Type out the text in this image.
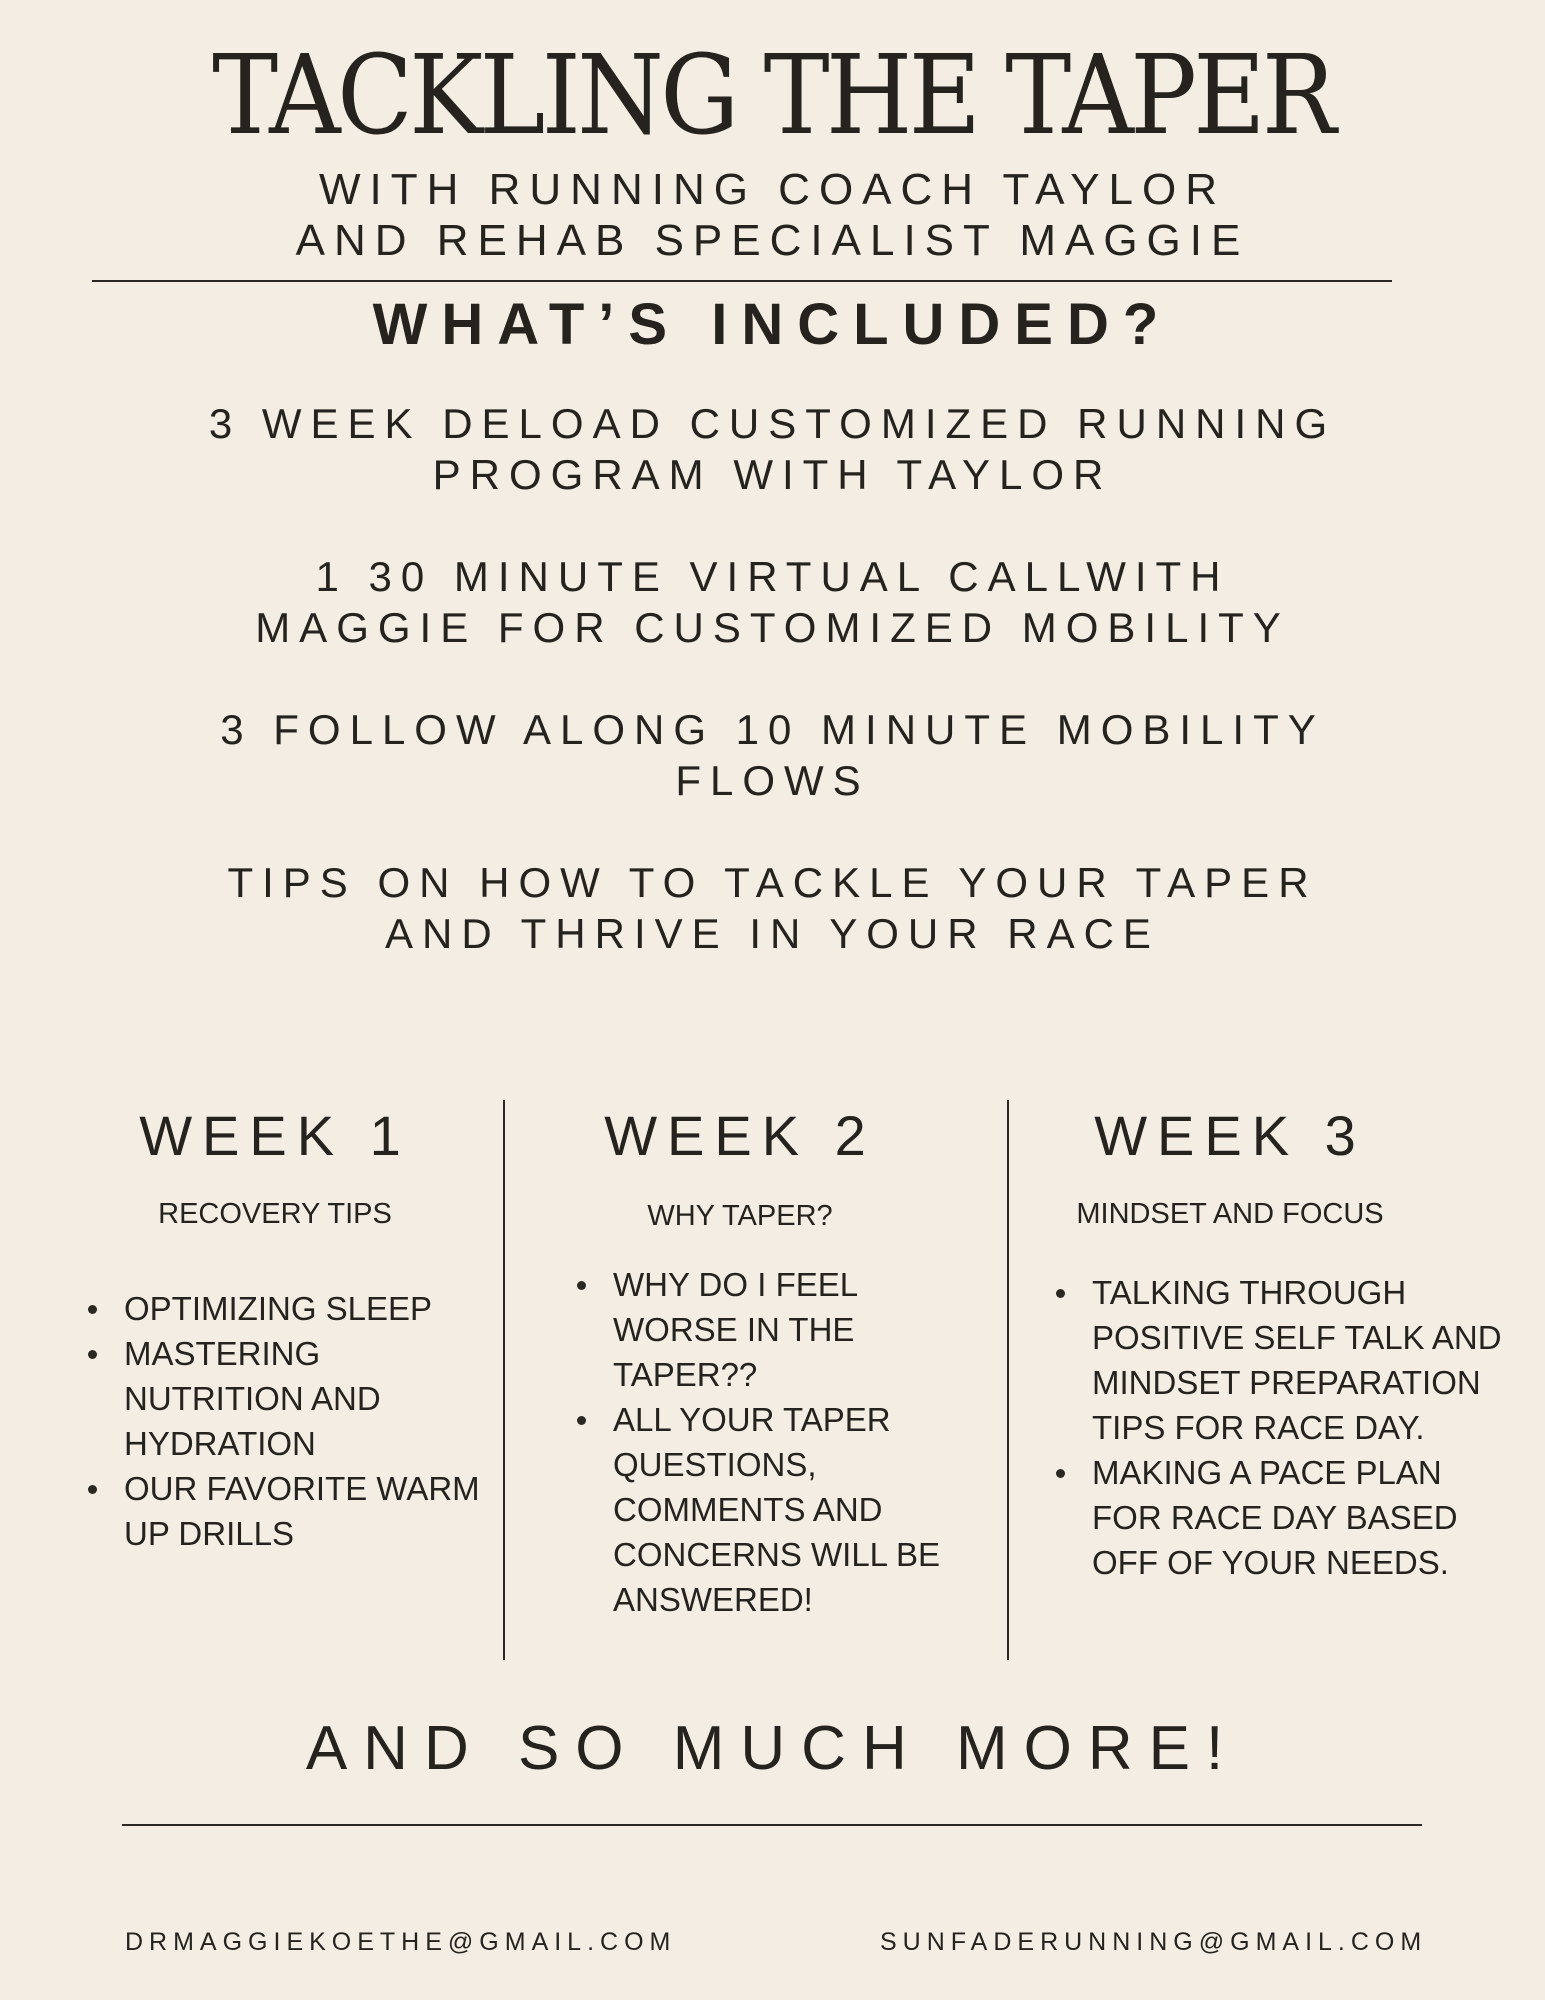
TACKLING THE TAPER
WITH RUNNING COACH TAYLOR
AND REHAB SPECIALIST MAGGIE
WHAT’S INCLUDED?
3 WEEK DELOAD CUSTOMIZED RUNNING
PROGRAM WITH TAYLOR
1 30 MINUTE VIRTUAL CALLWITH
MAGGIE FOR CUSTOMIZED MOBILITY
3 FOLLOW ALONG 10 MINUTE MOBILITY
FLOWS
TIPS ON HOW TO TACKLE YOUR TAPER
AND THRIVE IN YOUR RACE
WEEK 1
RECOVERY TIPS
OPTIMIZING SLEEP
MASTERING NUTRITION AND HYDRATION
OUR FAVORITE WARM UP DRILLS
WEEK 2
WHY TAPER?
WHY DO I FEEL WORSE IN THE TAPER??
ALL YOUR TAPER QUESTIONS, COMMENTS AND CONCERNS WILL BE ANSWERED!
WEEK 3
MINDSET AND FOCUS
TALKING THROUGH POSITIVE SELF TALK AND MINDSET PREPARATION TIPS FOR RACE DAY.
MAKING A PACE PLAN FOR RACE DAY BASED OFF OF YOUR NEEDS.
AND SO MUCH MORE!
DRMAGGIEKOETHE@GMAIL.COM	SUNFADERUNNING@GMAIL.COM
